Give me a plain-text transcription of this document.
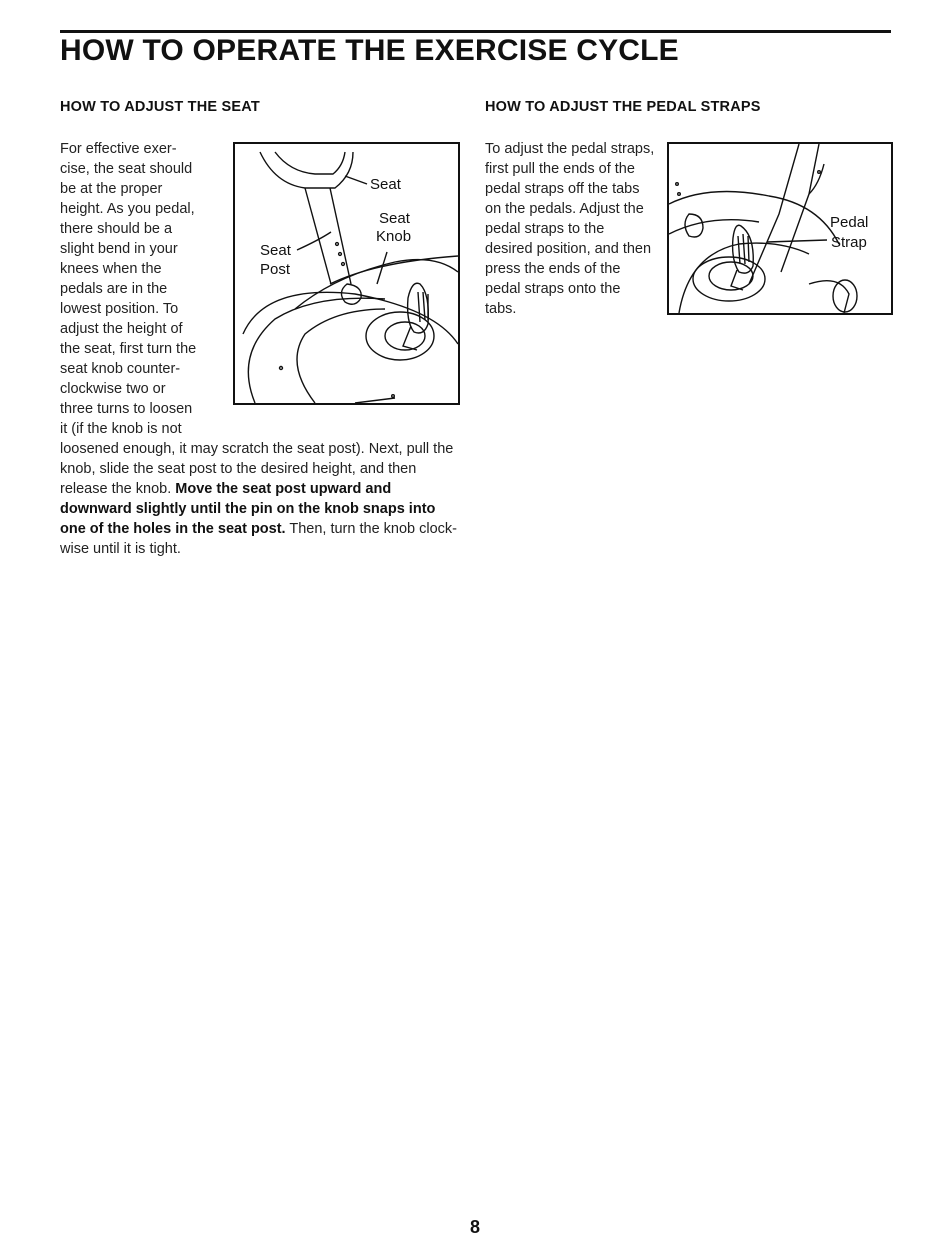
HOW TO OPERATE THE EXERCISE CYCLE
HOW TO ADJUST THE SEAT	HOW TO ADJUST THE PEDAL STRAPS

For effective exer- cise, the seat should be at the proper height. As you pedal, there should be a slight bend in your knees when the pedals are in the lowest position. To adjust the height of the seat, first turn the seat knob counter- clockwise two or three turns to loosen it (if the knob is not loosened enough, it may scratch the seat post). Next, pull the knob, slide the seat post to the desired height, and then release the knob. Move the seat post upward and downward slightly until the pin on the knob snaps into one of the holes in the seat post. Then, turn the knob clock- wise until it is tight.

To adjust the pedal straps, first pull the ends of the pedal straps off the tabs on the pedals. Adjust the pedal straps to the desired position, and then press the ends of the pedal straps onto the tabs.

Seat
Seat
Knob
Seat
Post
Pedal
Strap
8
